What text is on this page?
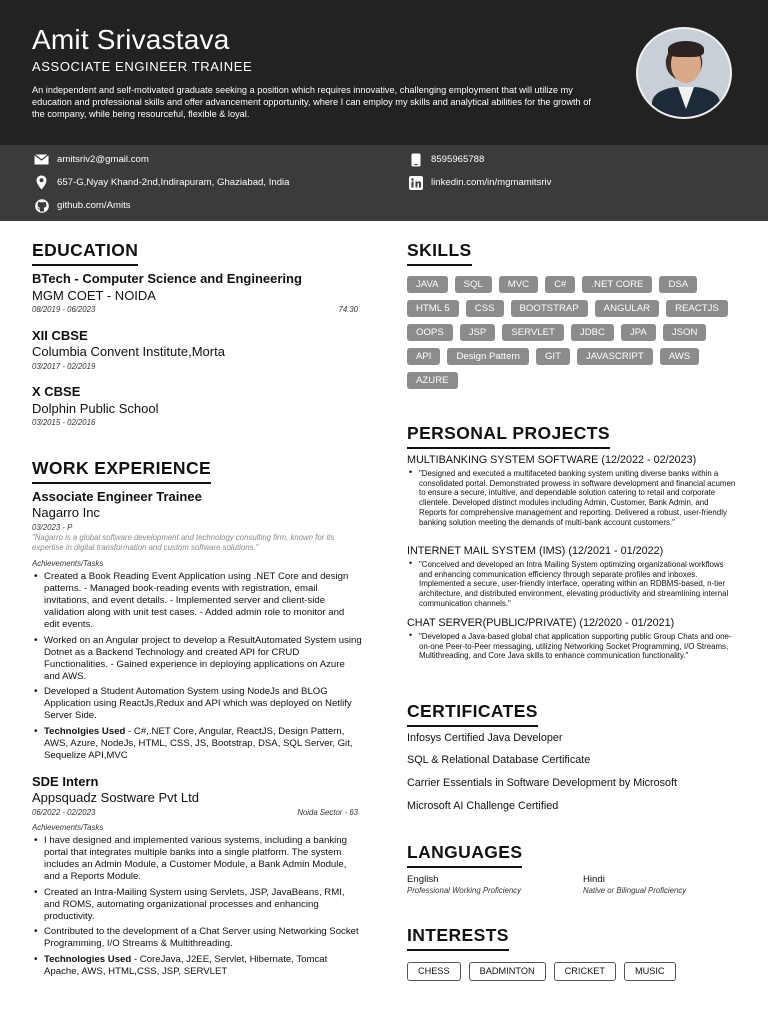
Amit Srivastava
ASSOCIATE ENGINEER TRAINEE
An independent and self-motivated graduate seeking a position which requires innovative, challenging employment that will utilize my education and professional skills and offer advancement opportunity, where I can employ my skills and analytical abilities for the growth of the company, while being resourceful, flexible & loyal.
amitsriv2@gmail.com	8595965788
657-G,Nyay Khand-2nd,Indirapuram, Ghaziabad, India	linkedin.com/in/mgmamitsriv
github.com/Amits
EDUCATION
BTech - Computer Science and Engineering
MGM COET - NOIDA
08/2019 - 06/2023	74.30
XII CBSE
Columbia Convent Institute,Morta
03/2017 - 02/2019
X CBSE
Dolphin Public School
03/2015 - 02/2016
WORK EXPERIENCE
Associate Engineer Trainee
Nagarro Inc
03/2023 - P
"Nagarro is a global software development and technology consulting firm, known for its expertise in digital transformation and custom software solutions."
Achievements/Tasks
• Created a Book Reading Event Application using .NET Core and design patterns. - Managed book-reading events with registration, email invitations, and event details. - Implemented server and client-side validation along with unit test cases. - Added admin role to monitor and edit events.
• Worked on an Angular project to develop a ResultAutomated System using Dotnet as a Backend Technology and created API for CRUD Functionalities. - Gained experience in deploying applications on Azure and AWS.
• Developed a Student Automation System using NodeJs and BLOG Application using ReactJs,Redux and API which was deployed on Netlify Server Side.
• Technolgies Used - C#,.NET Core, Angular, ReactJS, Design Pattern, AWS, Azure, NodeJs, HTML, CSS, JS, Bootstrap, DSA, SQL Server, Git, Sequelize API,MVC
SDE Intern
Appsquadz Sostware Pvt Ltd
06/2022 - 02/2023	Noida Sector - 63
Achievements/Tasks
• I have designed and implemented various systems, including a banking portal that integrates multiple banks into a single platform. The system includes an Admin Module, a Customer Module, a Bank Admin Module, and a Reports Module.
• Created an Intra-Mailing System using Servlets, JSP, JavaBeans, RMI, and ROMS, automating organizational processes and enhancing productivity.
• Contributed to the development of a Chat Server using Networking Socket Programming, I/O Streams & Multithreading.
• Technologies Used - CoreJava, J2EE, Servlet, Hibernate, Tomcat Apache, AWS, HTML,CSS, JSP, SERVLET
SKILLS
JAVA	SQL	MVC	C#	.NET CORE	DSA
HTML 5	CSS	BOOTSTRAP	ANGULAR	REACTJS
OOPS	JSP	SERVLET	JDBC	JPA	JSON
API	Design Pattern	GIT	JAVASCRIPT	AWS
AZURE
PERSONAL PROJECTS
MULTIBANKING SYSTEM SOFTWARE (12/2022 - 02/2023)
• "Designed and executed a multifaceted banking system uniting diverse banks within a consolidated portal. Demonstrated prowess in software development and financial acumen to ensure a secure, intuitive, and dependable solution catering to retail and corporate clientele. Developed distinct modules including Admin, Customer, Bank Admin, and Reports for comprehensive management and reporting. Delivered a robust, user-friendly banking solution meeting the demands of multi-bank account customers."
INTERNET MAIL SYSTEM (IMS) (12/2021 - 01/2022)
• "Conceived and developed an Intra Mailing System optimizing organizational workflows and enhancing communication efficiency through separate profiles and inboxes. Implemented a secure, user-friendly interface, operating within an RDBMS-based, n-tier architecture, and distributed environment, elevating productivity and streamlining internal communication channels."
CHAT SERVER(PUBLIC/PRIVATE) (12/2020 - 01/2021)
• "Developed a Java-based global chat application supporting public Group Chats and one-on-one Peer-to-Peer messaging, utilizing Networking Socket Programming, I/O Streams, Multithreading, and Core Java skills to enhance communication functionality."
CERTIFICATES
Infosys Certified Java Developer
SQL & Relational Database Certificate
Carrier Essentials in Software Development by Microsoft
Microsoft AI Challenge Certified
LANGUAGES
English
Professional Working Proficiency
Hindi
Native or Bilingual Proficiency
INTERESTS
CHESS	BADMINTON	CRICKET	MUSIC
